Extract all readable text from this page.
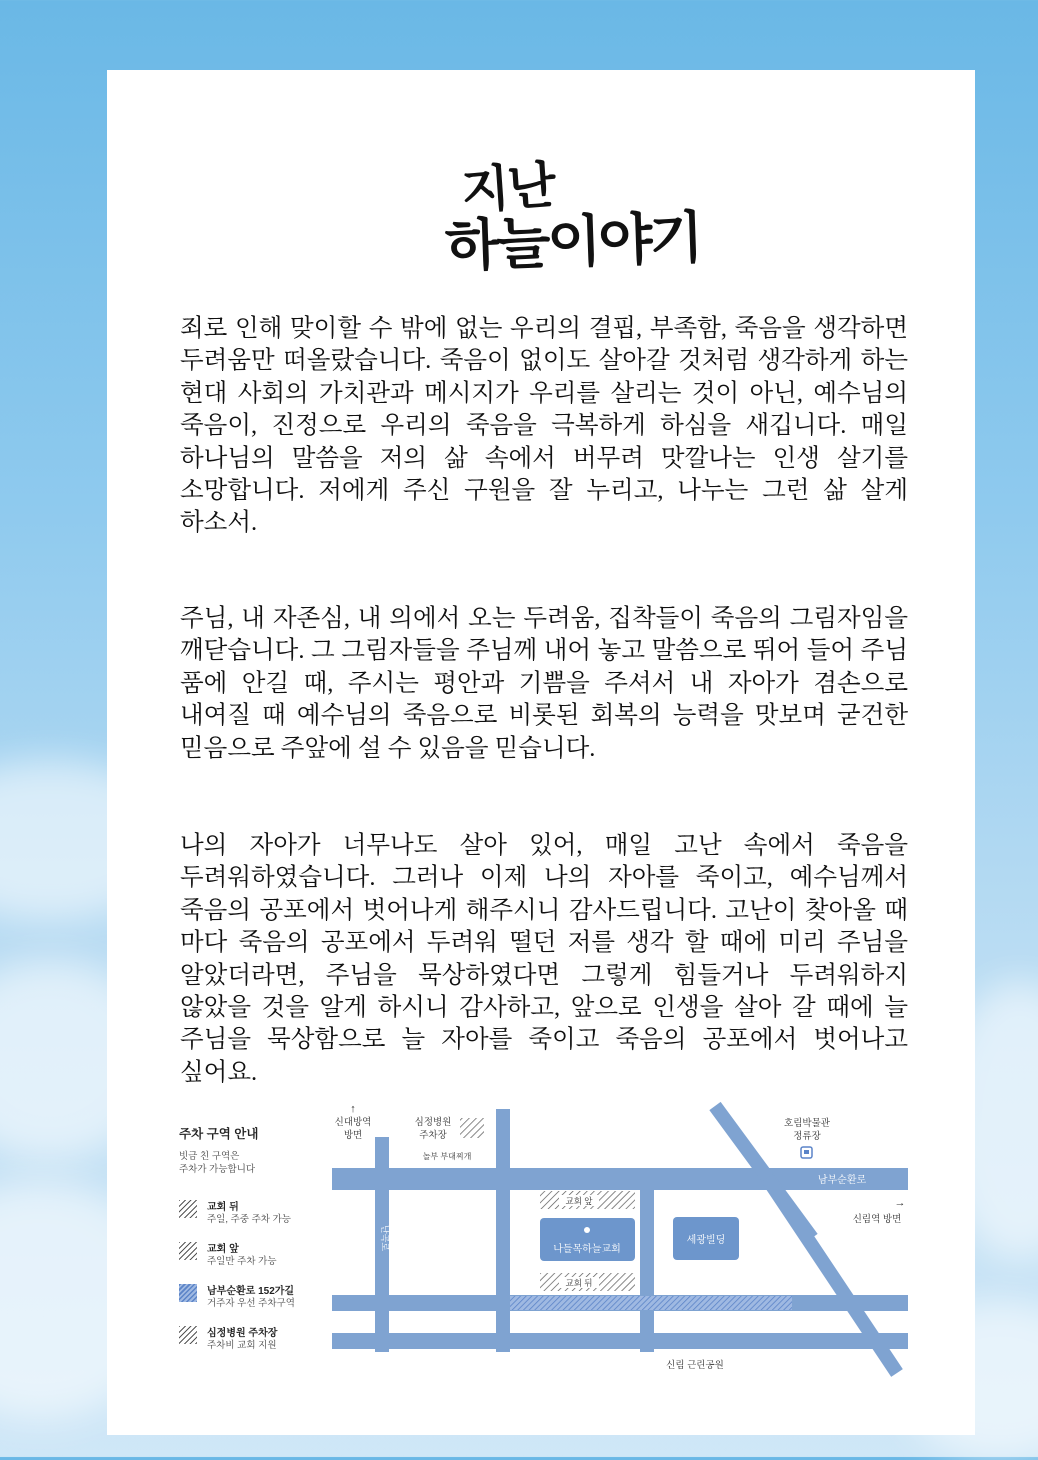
지난
하늘이야기

죄로 인해 맞이할 수 밖에 없는 우리의 결핍, 부족함, 죽음을 생각하면 두려움만 떠올랐습니다. 죽음이 없이도 살아갈 것처럼 생각하게 하는 현대 사회의 가치관과 메시지가 우리를 살리는 것이 아닌, 예수님의 죽음이, 진정으로 우리의 죽음을 극복하게 하심을 새깁니다. 매일 하나님의 말씀을 저의 삶 속에서 버무려 맛깔나는 인생 살기를 소망합니다. 저에게 주신 구원을 잘 누리고, 나누는 그런 삶 살게 하소서.

주님, 내 자존심, 내 의에서 오는 두려움, 집착들이 죽음의 그림자임을 깨닫습니다. 그 그림자들을 주님께 내어 놓고 말씀으로 뛰어 들어 주님 품에 안길 때, 주시는 평안과 기쁨을 주셔서 내 자아가 겸손으로 내여질 때 예수님의 죽음으로 비롯된 회복의 능력을 맛보며 굳건한 믿음으로 주앞에 설 수 있음을 믿습니다.

나의 자아가 너무나도 살아 있어, 매일 고난 속에서 죽음을 두려워하였습니다. 그러나 이제 나의 자아를 죽이고, 예수님께서 죽음의 공포에서 벗어나게 해주시니 감사드립니다. 고난이 찾아올 때 마다 죽음의 공포에서 두려워 떨던 저를 생각 할 때에 미리 주님을 알았더라면, 주님을 묵상하였다면 그렇게 힘들거나 두려워하지 않았을 것을 알게 하시니 감사하고, 앞으로 인생을 살아 갈 때에 늘 주님을 묵상함으로 늘 자아를 죽이고 죽음의 공포에서 벗어나고 싶어요.

주차 구역 안내
빗금 친 구역은
주차가 가능합니다
교회 뒤
주일, 주중 주차 가능
교회 앞
주일만 주차 가능
남부순환로 152가길
거주자 우선 주차구역
심정병원 주차장
주차비 교회 지원
교회 앞
교회 뒤
나들목하늘교회
세광빌딩
남부순환로
난곡로
↑
신대방역
방면
심정병원
주차장
놀부 부대찌개
호림박물관
정류장
→
신림역 방면
신림 근린공원
